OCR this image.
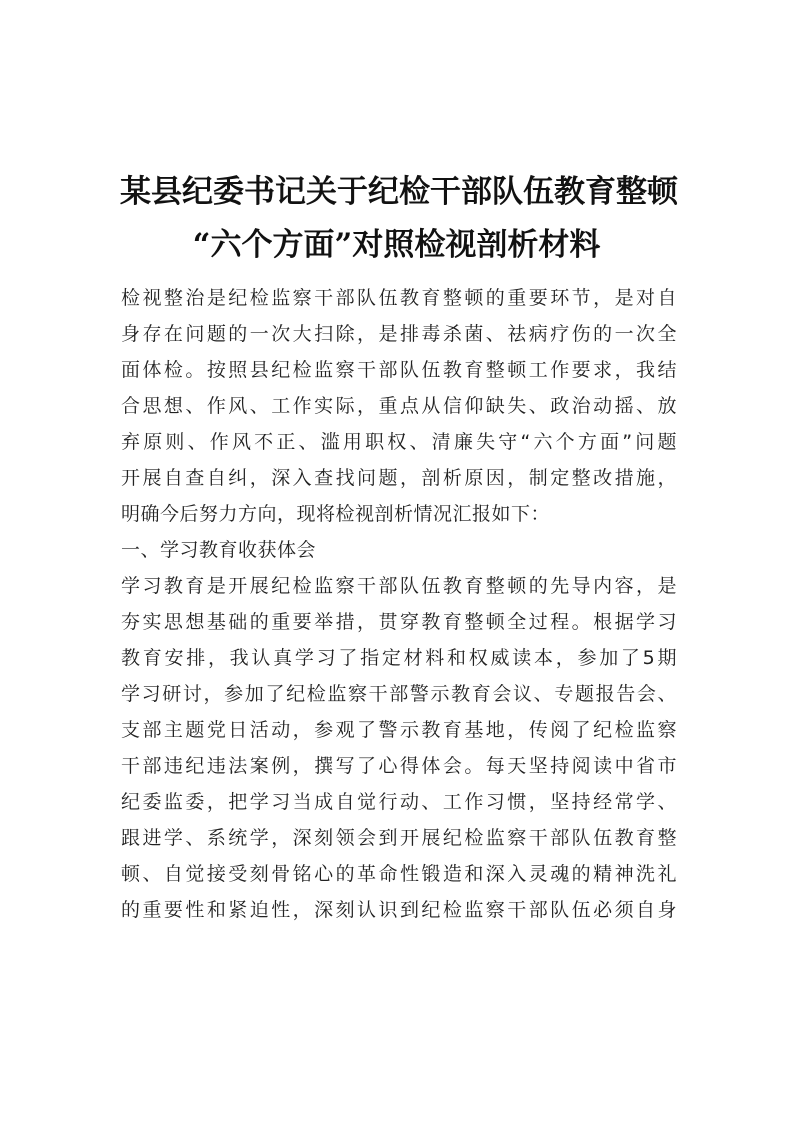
某县纪委书记关于纪检干部队伍教育整顿
“六个方面”对照检视剖析材料
检视整治是纪检监察干部队伍教育整顿的重要环节，是对自
身存在问题的一次大扫除，是排毒杀菌、祛病疗伤的一次全
面体检。按照县纪检监察干部队伍教育整顿工作要求，我结
合思想、作风、工作实际，重点从信仰缺失、政治动摇、放
弃原则、作风不正、滥用职权、清廉失守“六个方面”问题
开展自查自纠，深入查找问题，剖析原因，制定整改措施，
明确今后努力方向，现将检视剖析情况汇报如下：
一、学习教育收获体会
学习教育是开展纪检监察干部队伍教育整顿的先导内容，是
夯实思想基础的重要举措，贯穿教育整顿全过程。根据学习
教育安排，我认真学习了指定材料和权威读本，参加了5期
学习研讨，参加了纪检监察干部警示教育会议、专题报告会、
支部主题党日活动，参观了警示教育基地，传阅了纪检监察
干部违纪违法案例，撰写了心得体会。每天坚持阅读中省市
纪委监委，把学习当成自觉行动、工作习惯，坚持经常学、
跟进学、系统学，深刻领会到开展纪检监察干部队伍教育整
顿、自觉接受刻骨铭心的革命性锻造和深入灵魂的精神洗礼
的重要性和紧迫性，深刻认识到纪检监察干部队伍必须自身
